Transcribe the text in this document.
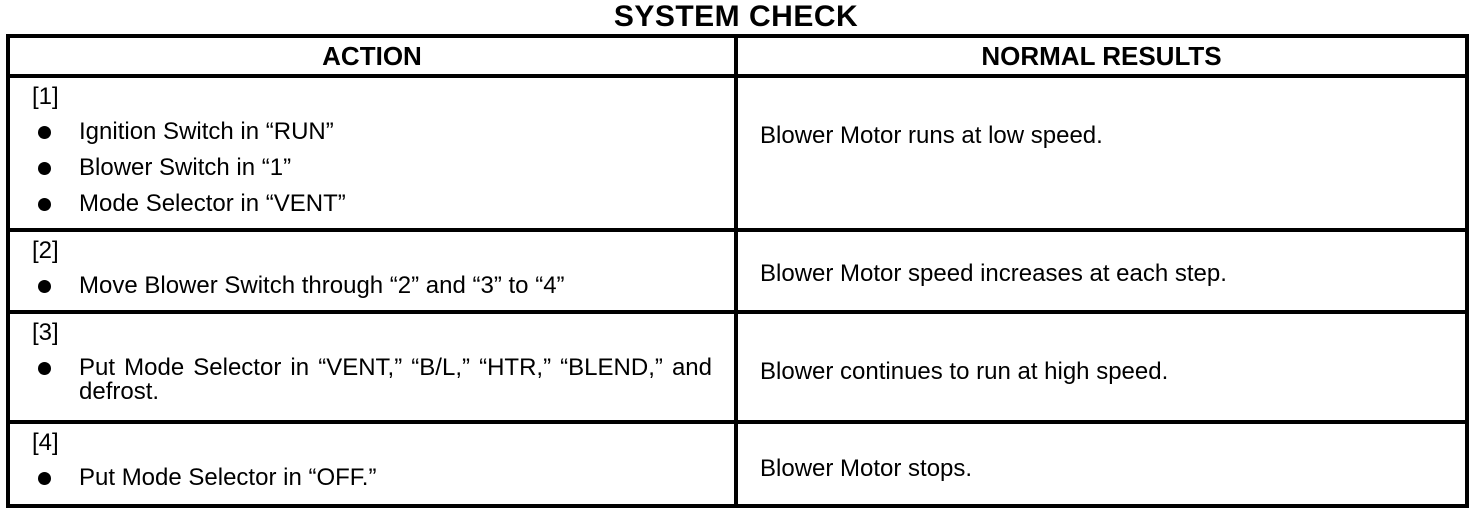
SYSTEM CHECK
ACTION	NORMAL RESULTS

[1]
Ignition Switch in “RUN”
Blower Switch in “1”
Mode Selector in “VENT”	Blower Motor runs at low speed.

[2]
Move Blower Switch through “2” and “3” to “4”	Blower Motor speed increases at each step.

[3]
Put Mode Selector in “VENT,” “B/L,” “HTR,” “BLEND,” and defrost.	Blower continues to run at high speed.

[4]
Put Mode Selector in “OFF.”	Blower Motor stops.
